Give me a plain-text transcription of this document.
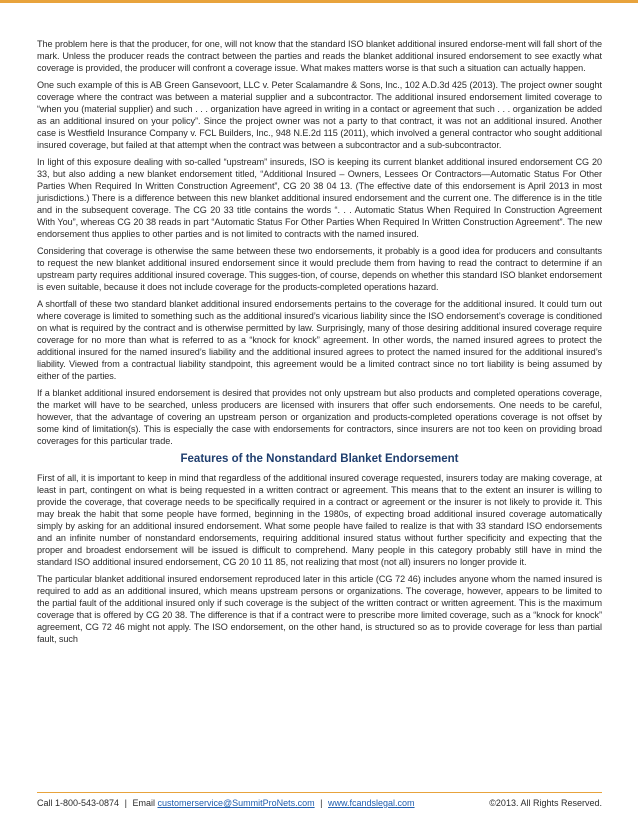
The problem here is that the producer, for one, will not know that the standard ISO blanket additional insured endorse-ment will fall short of the mark. Unless the producer reads the contract between the parties and reads the blanket additional insured endorsement to see exactly what coverage is provided, the producer will confront a coverage issue. What makes matters worse is that such a situation can actually happen.

One such example of this is AB Green Gansevoort, LLC v. Peter Scalamandre & Sons, Inc., 102 A.D.3d 425 (2013). The project owner sought coverage where the contract was between a material supplier and a subcontractor. The additional insured endorsement limited coverage to “when you (material supplier) and such . . . organization have agreed in writing in a contact or agreement that such . . . organization be added as an additional insured on your policy”. Since the project owner was not a party to that contract, it was not an additional insured. Another case is Westfield Insurance Company v. FCL Builders, Inc., 948 N.E.2d 115 (2011), which involved a general contractor who sought additional insured coverage, but failed at that attempt when the contract was between a subcontractor and a sub-subcontractor.

In light of this exposure dealing with so-called “upstream” insureds, ISO is keeping its current blanket additional insured endorsement CG 20 33, but also adding a new blanket endorsement titled, “Additional Insured – Owners, Lessees Or Contractors—Automatic Status For Other Parties When Required In Written Construction Agreement”, CG 20 38 04 13. (The effective date of this endorsement is April 2013 in most jurisdictions.) There is a difference between this new blanket additional insured endorsement and the current one. The difference is in the title and in the subsequent coverage. The CG 20 33 title contains the words “. . . Automatic Status When Required In Construction Agreement With You”, whereas CG 20 38 reads in part “Automatic Status For Other Parties When Required In Written Construction Agreement”. The new endorsement thus applies to other parties and is not limited to contracts with the named insured.

Considering that coverage is otherwise the same between these two endorsements, it probably is a good idea for producers and consultants to request the new blanket additional insured endorsement since it would preclude them from having to read the contract to determine if an upstream party requires additional insured coverage. This sugges-tion, of course, depends on whether this standard ISO blanket endorsement is even suitable, because it does not include coverage for the products-completed operations hazard.

A shortfall of these two standard blanket additional insured endorsements pertains to the coverage for the additional insured. It could turn out where coverage is limited to something such as the additional insured’s vicarious liability since the ISO endorsement’s coverage is conditioned on what is required by the contract and is otherwise permitted by law. Surprisingly, many of those desiring additional insured coverage require coverage for no more than what is referred to as a “knock for knock” agreement. In other words, the named insured agrees to protect the additional insured for the named insured’s liability and the additional insured agrees to protect the named insured for the additional insured’s liability. Viewed from a contractual liability standpoint, this agreement would be a limited contract since no tort liability is being assumed by either of the parties.

If a blanket additional insured endorsement is desired that provides not only upstream but also products and completed operations coverage, the market will have to be searched, unless producers are licensed with insurers that offer such endorsements. One needs to be careful, however, that the advantage of covering an upstream person or organization and products-completed operations coverage is not offset by some kind of limitation(s). This is especially the case with endorsements for contractors, since insurers are not too keen on providing broad coverages for this particular trade.

Features of the Nonstandard Blanket Endorsement

First of all, it is important to keep in mind that regardless of the additional insured coverage requested, insurers today are making coverage, at least in part, contingent on what is being requested in a written contract or agreement. This means that to the extent an insurer is willing to provide the coverage, that coverage needs to be specifically required in a contract or agreement or the insurer is not likely to provide it. This may break the habit that some people have formed, beginning in the 1980s, of expecting broad additional insured coverage automatically simply by asking for an additional insured endorsement. What some people have failed to realize is that with 33 standard ISO endorsements and an infinite number of nonstandard endorsements, requiring additional insured status without further specificity and expecting that the proper and broadest endorsement will be issued is difficult to comprehend. Many people in this category probably still have in mind the standard ISO additional insured endorsement, CG 20 10 11 85, not realizing that most (not all) insurers no longer provide it.

The particular blanket additional insured endorsement reproduced later in this article (CG 72 46) includes anyone whom the named insured is required to add as an additional insured, which means upstream persons or organizations. The coverage, however, appears to be limited to the partial fault of the additional insured only if such coverage is the subject of the written contract or written agreement. This is the maximum coverage that is offered by CG 20 38. The difference is that if a contract were to prescribe more limited coverage, such as a “knock for knock” agreement, CG 72 46 might not apply. The ISO endorsement, on the other hand, is structured so as to provide coverage for less than partial fault, such

Call 1-800-543-0874 | Email customerservice@SummitProNets.com | www.fcandslegal.com	©2013. All Rights Reserved.
